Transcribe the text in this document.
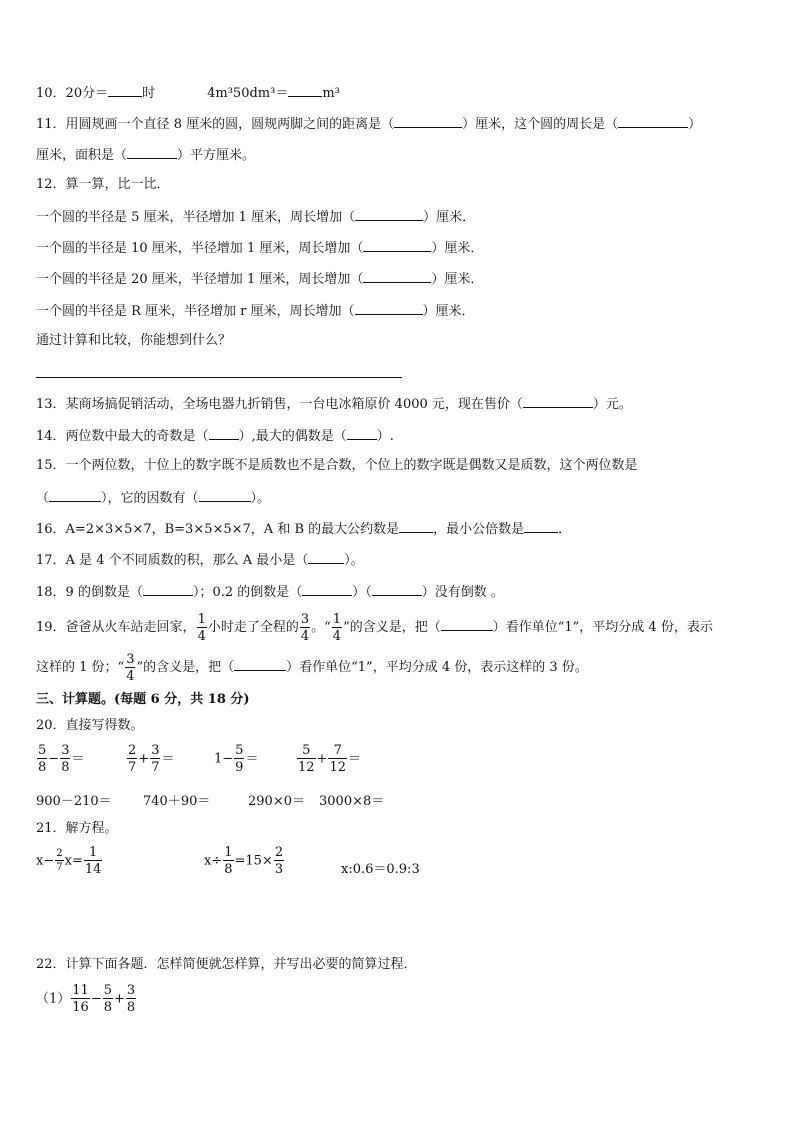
10．20分＝	时	4m³50dm³＝	m³
11．用圆规画一个直径 8 厘米的圆，圆规两脚之间的距离是（	）厘米，这个圆的周长是（	）
厘米，面积是（	）平方厘米。
12．算一算，比一比．
一个圆的半径是 5 厘米，半径增加 1 厘米，周长增加（	）厘米．
一个圆的半径是 10 厘米，半径增加 1 厘米，周长增加（	）厘米．
一个圆的半径是 20 厘米，半径增加 1 厘米，周长增加（	）厘米．
一个圆的半径是 R 厘米，半径增加 r 厘米，周长增加（	）厘米．
通过计算和比较，你能想到什么？
13．某商场搞促销活动，全场电器九折销售，一台电冰箱原价 4000 元，现在售价（	）元。
14．两位数中最大的奇数是（ ）,最大的偶数是（ ）.
15．一个两位数，十位上的数字既不是质数也不是合数，个位上的数字既是偶数又是质数，这个两位数是
（	），它的因数有（	）。
16．A=2×3×5×7，B=3×5×5×7，A 和 B 的最大公约数是	，最小公倍数是	．
17．A 是 4 个不同质数的积，那么 A 最小是（	）。
18．9 的倒数是（	）；0.2 的倒数是（	）（	）没有倒数 。
19．爸爸从火车站走回家， $\frac{1}{4}$ 小时走了全程的 $\frac{3}{4}$ 。“ $\frac{1}{4}$ ”的含义是，把（	）看作单位“1”，平均分成 4 份，表示
这样的 1 份；“ $\frac{3}{4}$ ”的含义是，把（	）看作单位“1”，平均分成 4 份，表示这样的 3 份。
三、计算题。(每题 6 分，共 18 分)
20．直接写得数。
$\frac{5}{8} - \frac{3}{8}$ ＝	$\frac{2}{7} + \frac{3}{7}$ ＝	$1- \frac{5}{9}$ ＝	$\frac{5}{12} + \frac{7}{12}$ ＝
900－210＝ 740＋90＝	290×0＝ 3000×8＝
21．解方程。
$x- \frac{2}{7} x= \frac{1}{14}$	$x\div \frac{1}{8} =15\times \frac{2}{3}$	x:0.6＝0.9:3
22．计算下面各题．怎样简便就怎样算，并写出必要的简算过程．
$(1) \frac{11}{16} - \frac{5}{8} + \frac{3}{8}$
